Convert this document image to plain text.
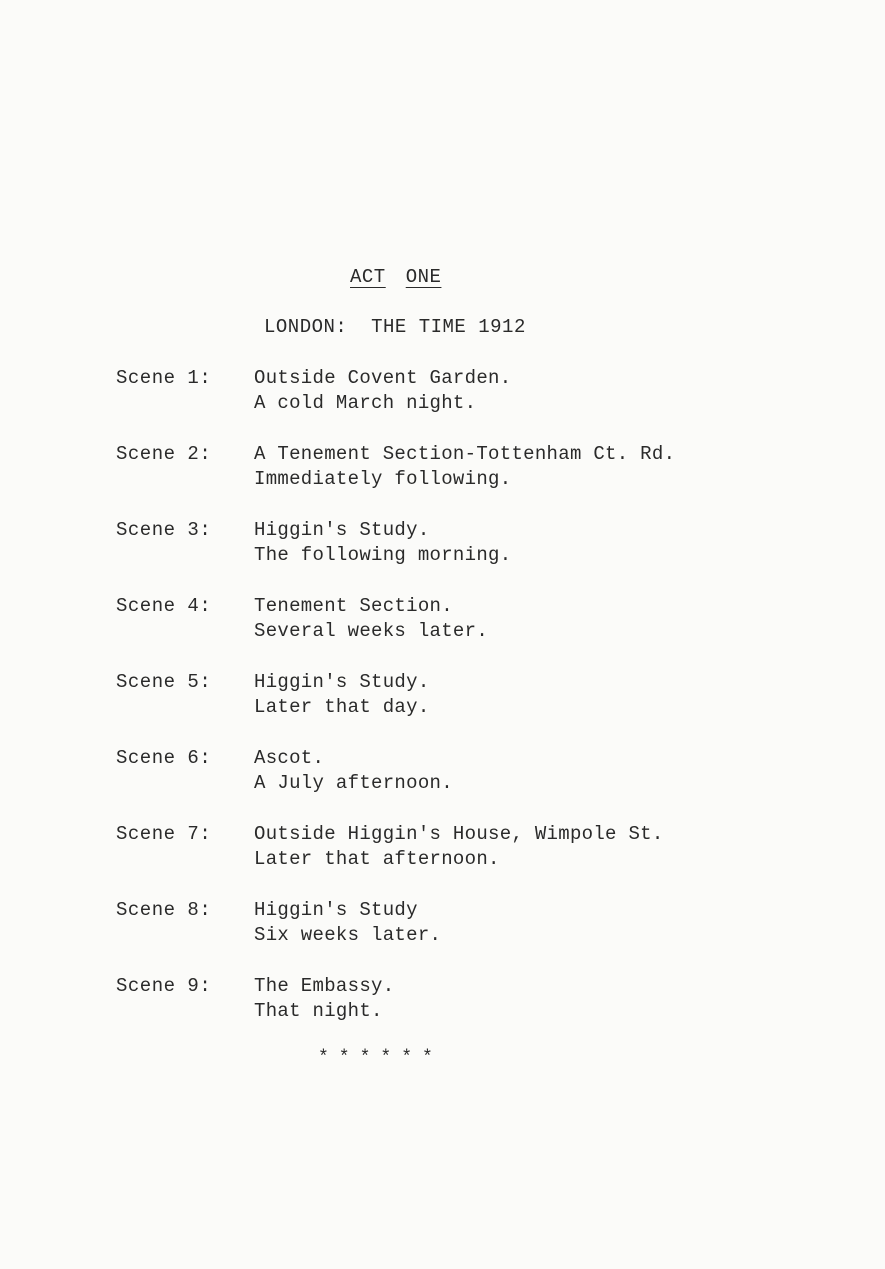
ACT ONE
LONDON:  THE TIME 1912
Scene 1: Outside Covent Garden.
A cold March night.
Scene 2: A Tenement Section-Tottenham Ct. Rd.
Immediately following.
Scene 3: Higgin's Study.
The following morning.
Scene 4: Tenement Section.
Several weeks later.
Scene 5: Higgin's Study.
Later that day.
Scene 6: Ascot.
A July afternoon.
Scene 7: Outside Higgin's House, Wimpole St.
Later that afternoon.
Scene 8: Higgin's Study
Six weeks later.
Scene 9: The Embassy.
That night.
******
